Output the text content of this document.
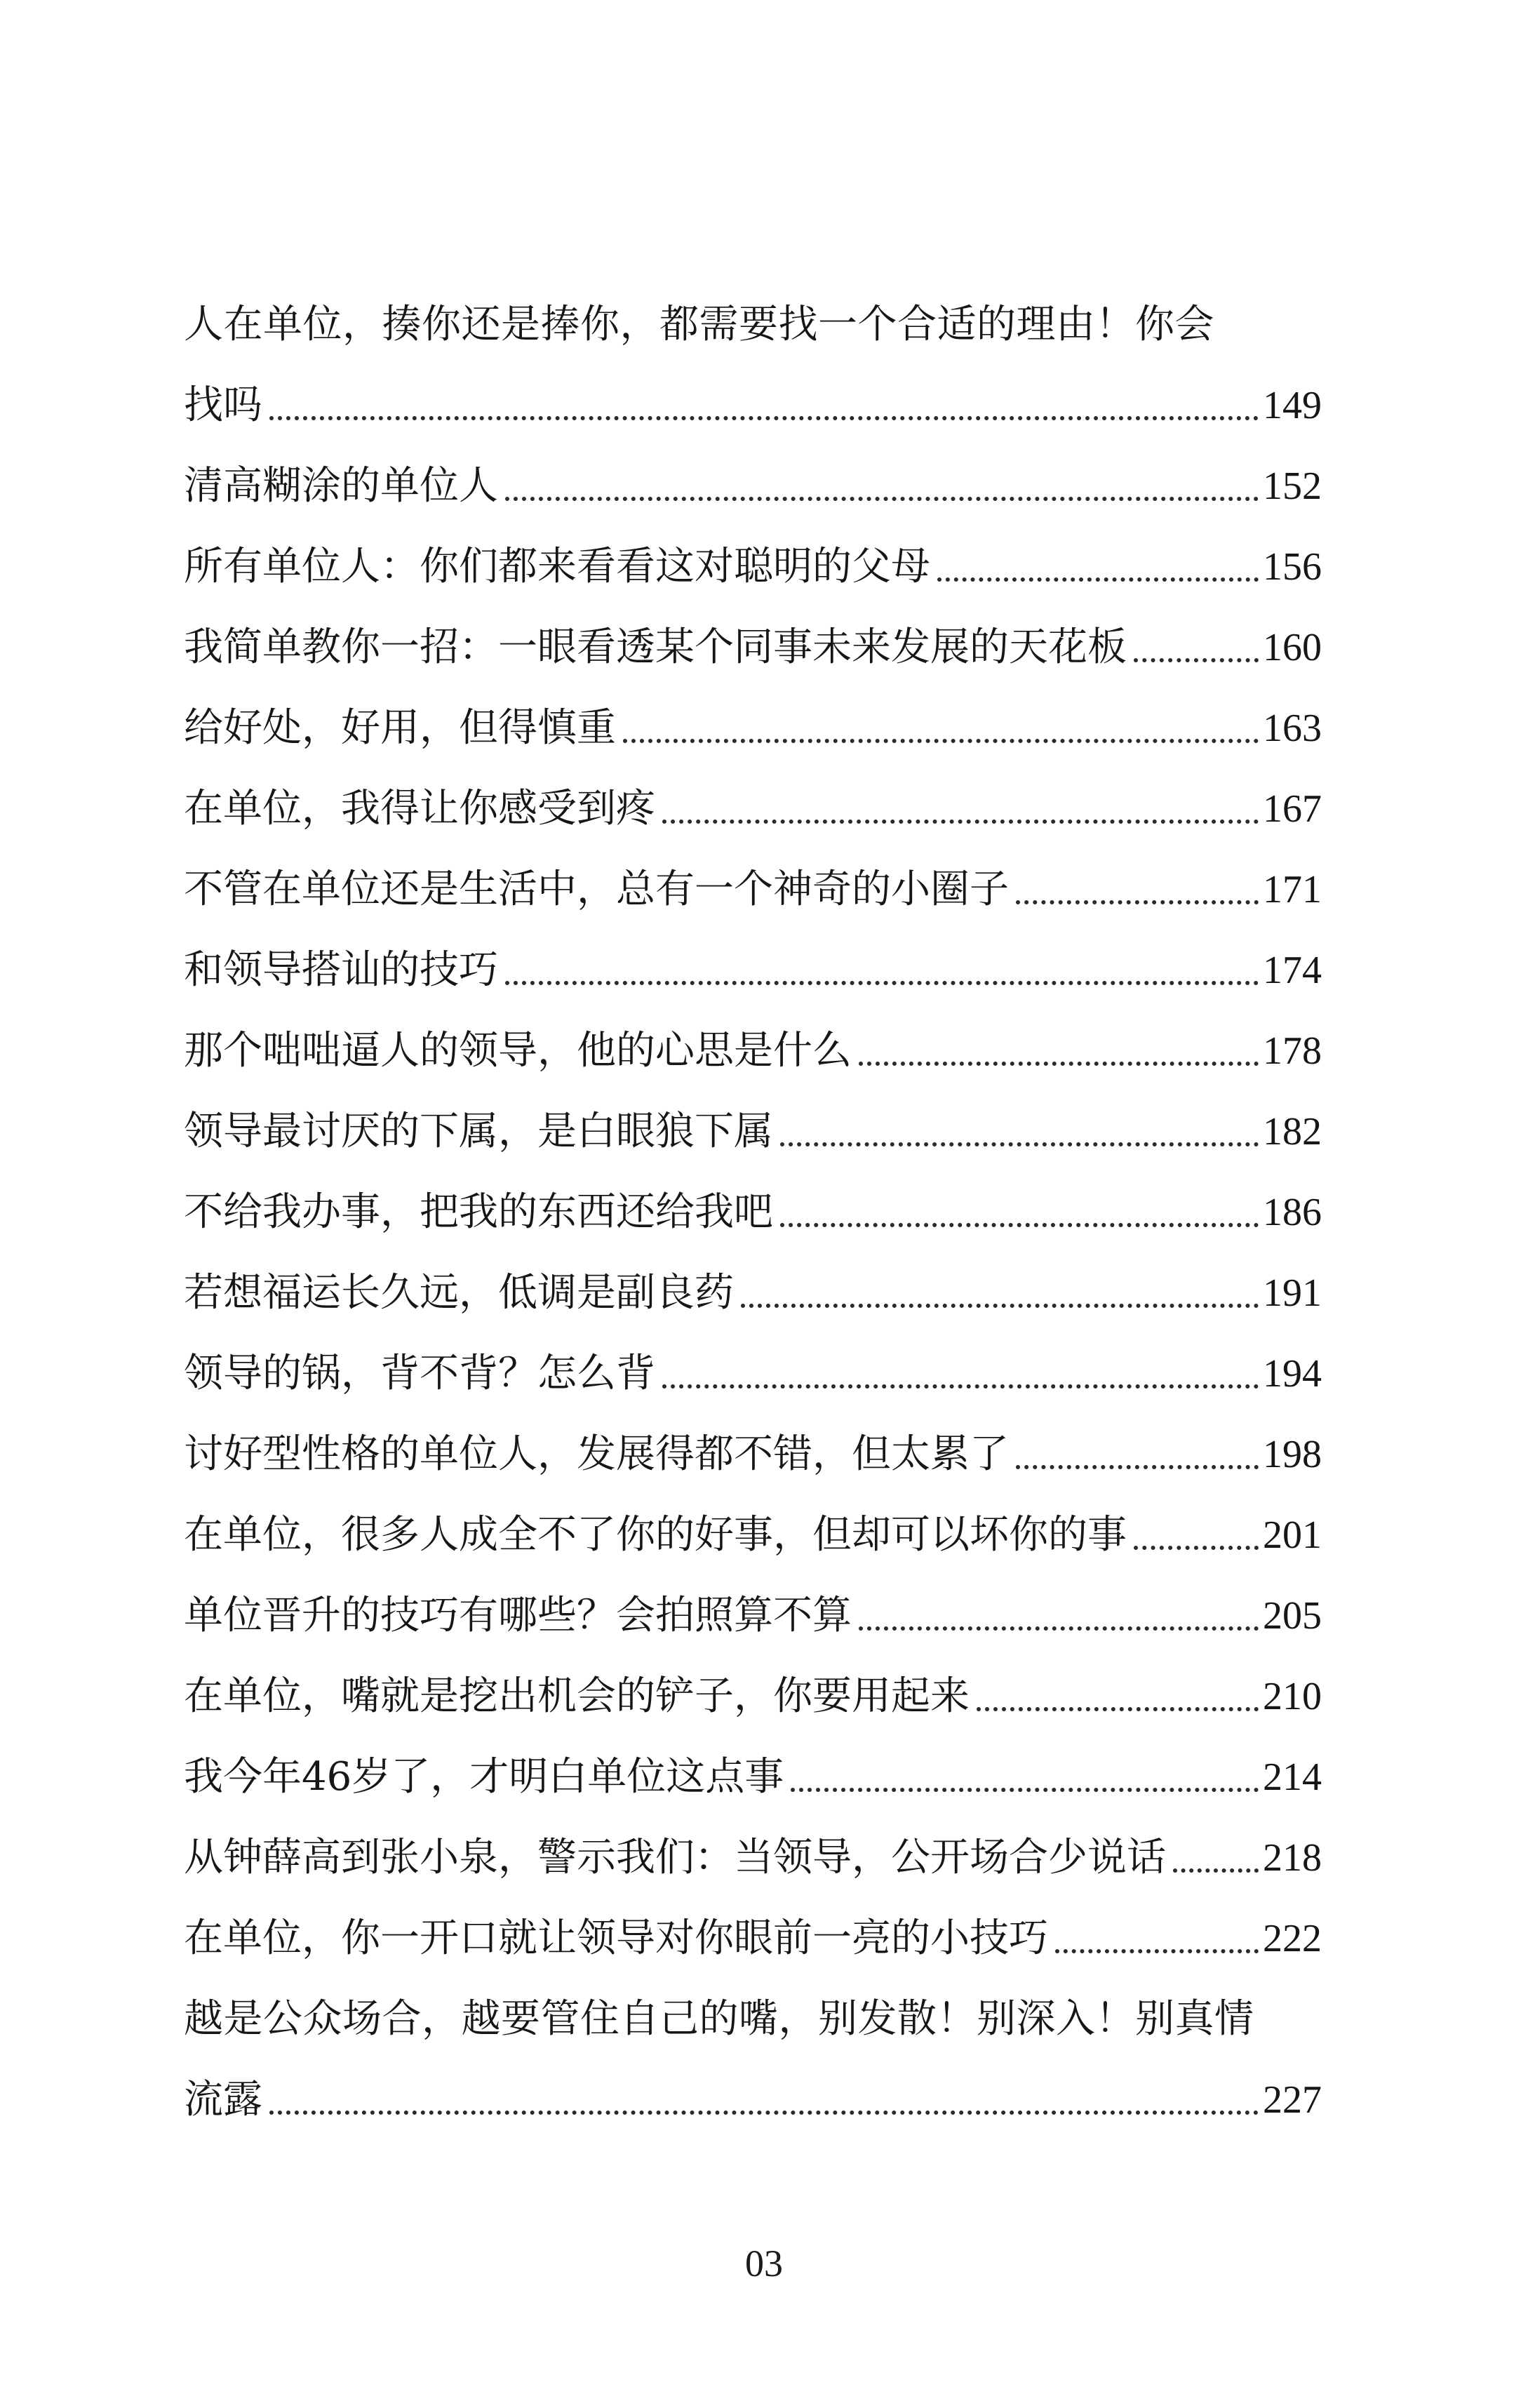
人在单位，揍你还是捧你，都需要找一个合适的理由！你会
找吗	149
清高糊涂的单位人	152
所有单位人：你们都来看看这对聪明的父母	156
我简单教你一招：一眼看透某个同事未来发展的天花板	160
给好处，好用，但得慎重	163
在单位，我得让你感受到疼	167
不管在单位还是生活中，总有一个神奇的小圈子	171
和领导搭讪的技巧	174
那个咄咄逼人的领导，他的心思是什么	178
领导最讨厌的下属，是白眼狼下属	182
不给我办事，把我的东西还给我吧	186
若想福运长久远，低调是副良药	191
领导的锅，背不背？怎么背	194
讨好型性格的单位人，发展得都不错，但太累了	198
在单位，很多人成全不了你的好事，但却可以坏你的事	201
单位晋升的技巧有哪些？会拍照算不算	205
在单位，嘴就是挖出机会的铲子，你要用起来	210
我今年46岁了，才明白单位这点事	214
从钟薛高到张小泉，警示我们：当领导，公开场合少说话 218
在单位，你一开口就让领导对你眼前一亮的小技巧	222
越是公众场合，越要管住自己的嘴，别发散！别深入！别真情
流露	227
03
